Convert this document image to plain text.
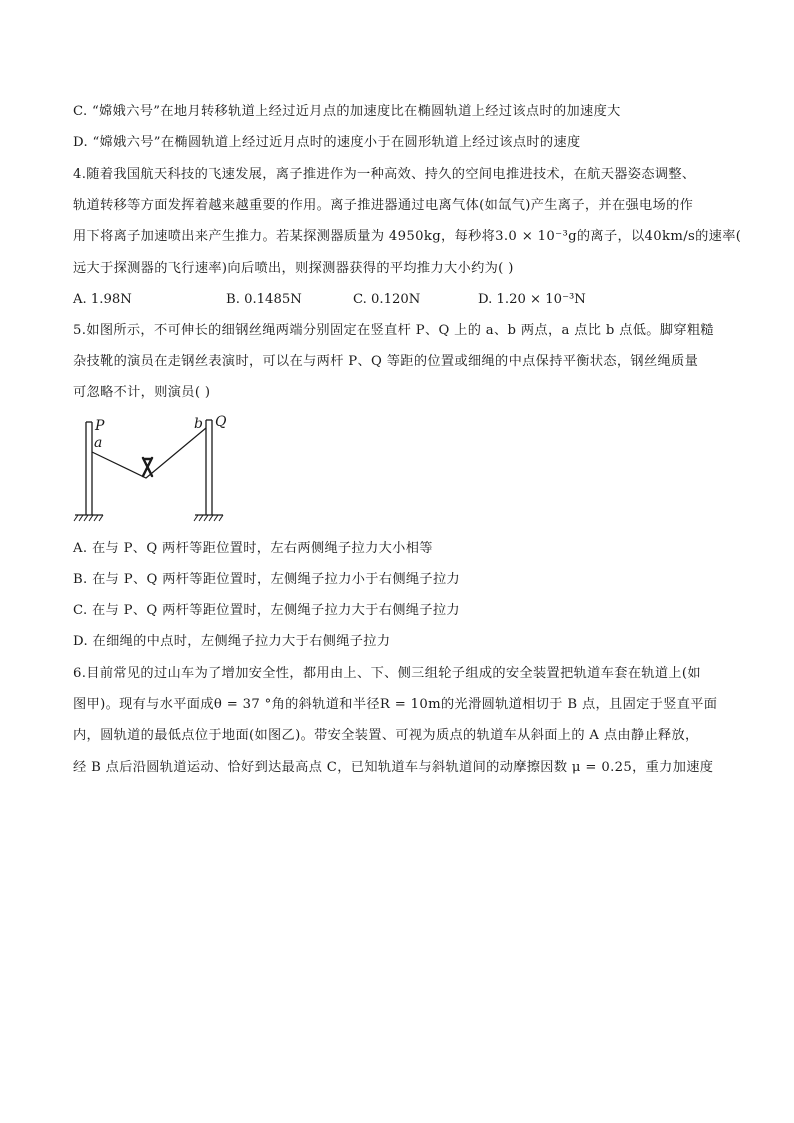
C. “嫦娥六号”在地月转移轨道上经过近月点的加速度比在椭圆轨道上经过该点时的加速度大
D. “嫦娥六号”在椭圆轨道上经过近月点时的速度小于在圆形轨道上经过该点时的速度
4.随着我国航天科技的飞速发展，离子推进作为一种高效、持久的空间电推进技术，在航天器姿态调整、
轨道转移等方面发挥着越来越重要的作用。离子推进器通过电离气体(如氙气)产生离子，并在强电场的作
用下将离子加速喷出来产生推力。若某探测器质量为 4950kg，每秒将3.0 × 10⁻³g的离子，以40km/s的速率(
远大于探测器的飞行速率)向后喷出，则探测器获得的平均推力大小约为( )
A. 1.98N	B. 0.1485N	C. 0.120N	D. 1.20 × 10⁻³N
5.如图所示，不可伸长的细钢丝绳两端分别固定在竖直杆 P、Q 上的 a、b 两点，a 点比 b 点低。脚穿粗糙
杂技靴的演员在走钢丝表演时，可以在与两杆 P、Q 等距的位置或细绳的中点保持平衡状态，钢丝绳质量
可忽略不计，则演员( )
P
a
b Q
A. 在与 P、Q 两杆等距位置时，左右两侧绳子拉力大小相等
B. 在与 P、Q 两杆等距位置时，左侧绳子拉力小于右侧绳子拉力
C. 在与 P、Q 两杆等距位置时，左侧绳子拉力大于右侧绳子拉力
D. 在细绳的中点时，左侧绳子拉力大于右侧绳子拉力
6.目前常见的过山车为了增加安全性，都用由上、下、侧三组轮子组成的安全装置把轨道车套在轨道上(如
图甲)。现有与水平面成θ = 37 °角的斜轨道和半径R = 10m的光滑圆轨道相切于 B 点，且固定于竖直平面
内，圆轨道的最低点位于地面(如图乙)。带安全装置、可视为质点的轨道车从斜面上的 A 点由静止释放，
经 B 点后沿圆轨道运动、恰好到达最高点 C，已知轨道车与斜轨道间的动摩擦因数 μ = 0.25，重力加速度
